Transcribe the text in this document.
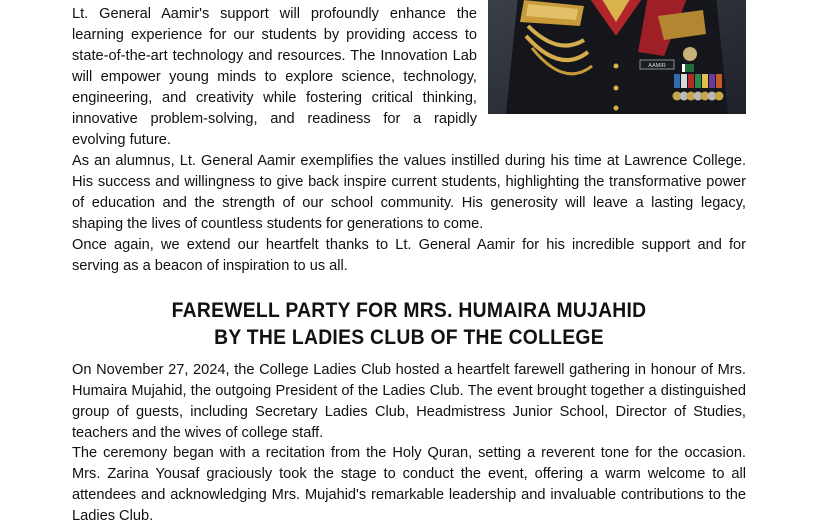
Lt. General Aamir's support will profoundly enhance the learning experience for our students by providing access to state-of-the-art technology and resources. The Innovation Lab will empower young minds to explore science, technology, engineering, and creativity while fostering critical thinking, innovative problem-solving, and readiness for a rapidly evolving future.

AAMIR

As an alumnus, Lt. General Aamir exemplifies the values instilled during his time at Lawrence College. His success and willingness to give back inspire current students, highlighting the transformative power of education and the strength of our school community. His generosity will leave a lasting legacy, shaping the lives of countless students for generations to come.

Once again, we extend our heartfelt thanks to Lt. General Aamir for his incredible support and for serving as a beacon of inspiration to us all.

FAREWELL PARTY FOR MRS. HUMAIRA MUJAHID
BY THE LADIES CLUB OF THE COLLEGE

On November 27, 2024, the College Ladies Club hosted a heartfelt farewell gathering in honour of Mrs. Humaira Mujahid, the outgoing President of the Ladies Club. The event brought together a distinguished group of guests, including Secretary Ladies Club, Headmistress Junior School, Director of Studies, teachers and the wives of college staff.

The ceremony began with a recitation from the Holy Quran, setting a reverent tone for the occasion. Mrs. Zarina Yousaf graciously took the stage to conduct the event, offering a warm welcome to all attendees and acknowledging Mrs. Mujahid's remarkable leadership and invaluable contributions to the Ladies Club.
